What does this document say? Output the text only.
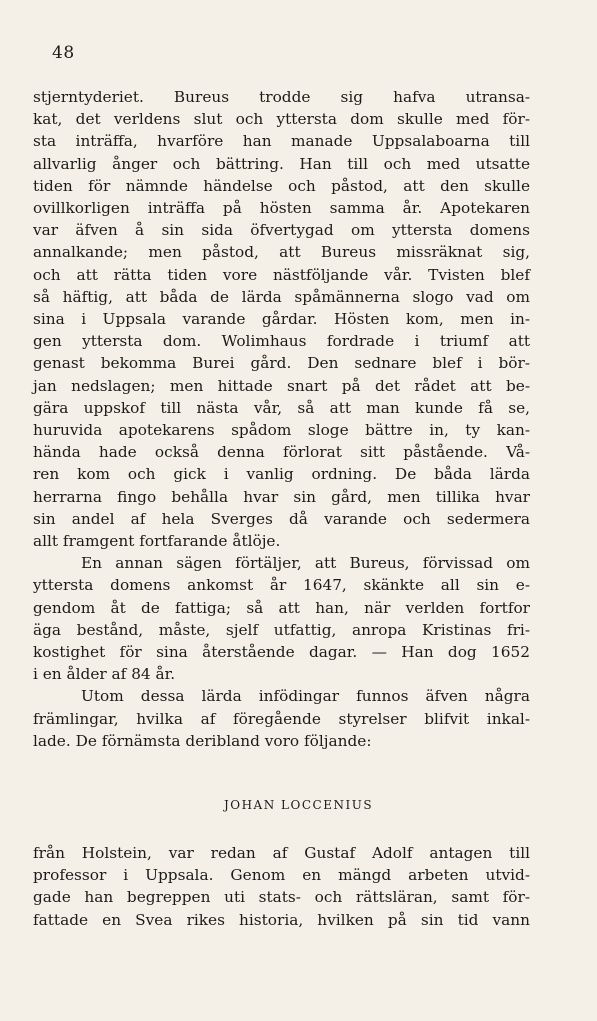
48
stjerntyderiet. Bureus trodde sig hafva utransa-
kat, det verldens slut och yttersta dom skulle med för-
sta inträffa, hvarföre han manade Uppsalaboarna till
allvarlig ånger och bättring. Han till och med utsatte
tiden för nämnde händelse och påstod, att den skulle
ovillkorligen inträffa på hösten samma år. Apotekaren
var äfven å sin sida öfvertygad om yttersta domens
annalkande; men påstod, att Bureus missräknat sig,
och att rätta tiden vore nästföljande vår. Tvisten blef
så häftig, att båda de lärda spåmännerna slogo vad om
sina i Uppsala varande gårdar. Hösten kom, men in-
gen yttersta dom. Wolimhaus fordrade i triumf att
genast bekomma Burei gård. Den sednare blef i bör-
jan nedslagen; men hittade snart på det rådet att be-
gära uppskof till nästa vår, så att man kunde få se,
huruvida apotekarens spådom sloge bättre in, ty kan-
hända hade också denna förlorat sitt påstående. Vå-
ren kom och gick i vanlig ordning. De båda lärda
herrarna fingo behålla hvar sin gård, men tillika hvar
sin andel af hela Sverges då varande och sedermera
allt framgent fortfarande åtlöje.
En annan sägen förtäljer, att Bureus, förvissad om
yttersta domens ankomst år 1647, skänkte all sin e-
gendom åt de fattiga; så att han, när verlden fortfor
äga bestånd, måste, sjelf utfattig, anropa Kristinas fri-
kostighet för sina återstående dagar. — Han dog 1652
i en ålder af 84 år.
Utom dessa lärda infödingar funnos äfven några
främlingar, hvilka af föregående styrelser blifvit inkal-
lade. De förnämsta deribland voro följande:
JOHAN LOCCENIUS
från Holstein, var redan af Gustaf Adolf antagen till
professor i Uppsala. Genom en mängd arbeten utvid-
gade han begreppen uti stats- och rättsläran, samt för-
fattade en Svea rikes historia, hvilken på sin tid vann
